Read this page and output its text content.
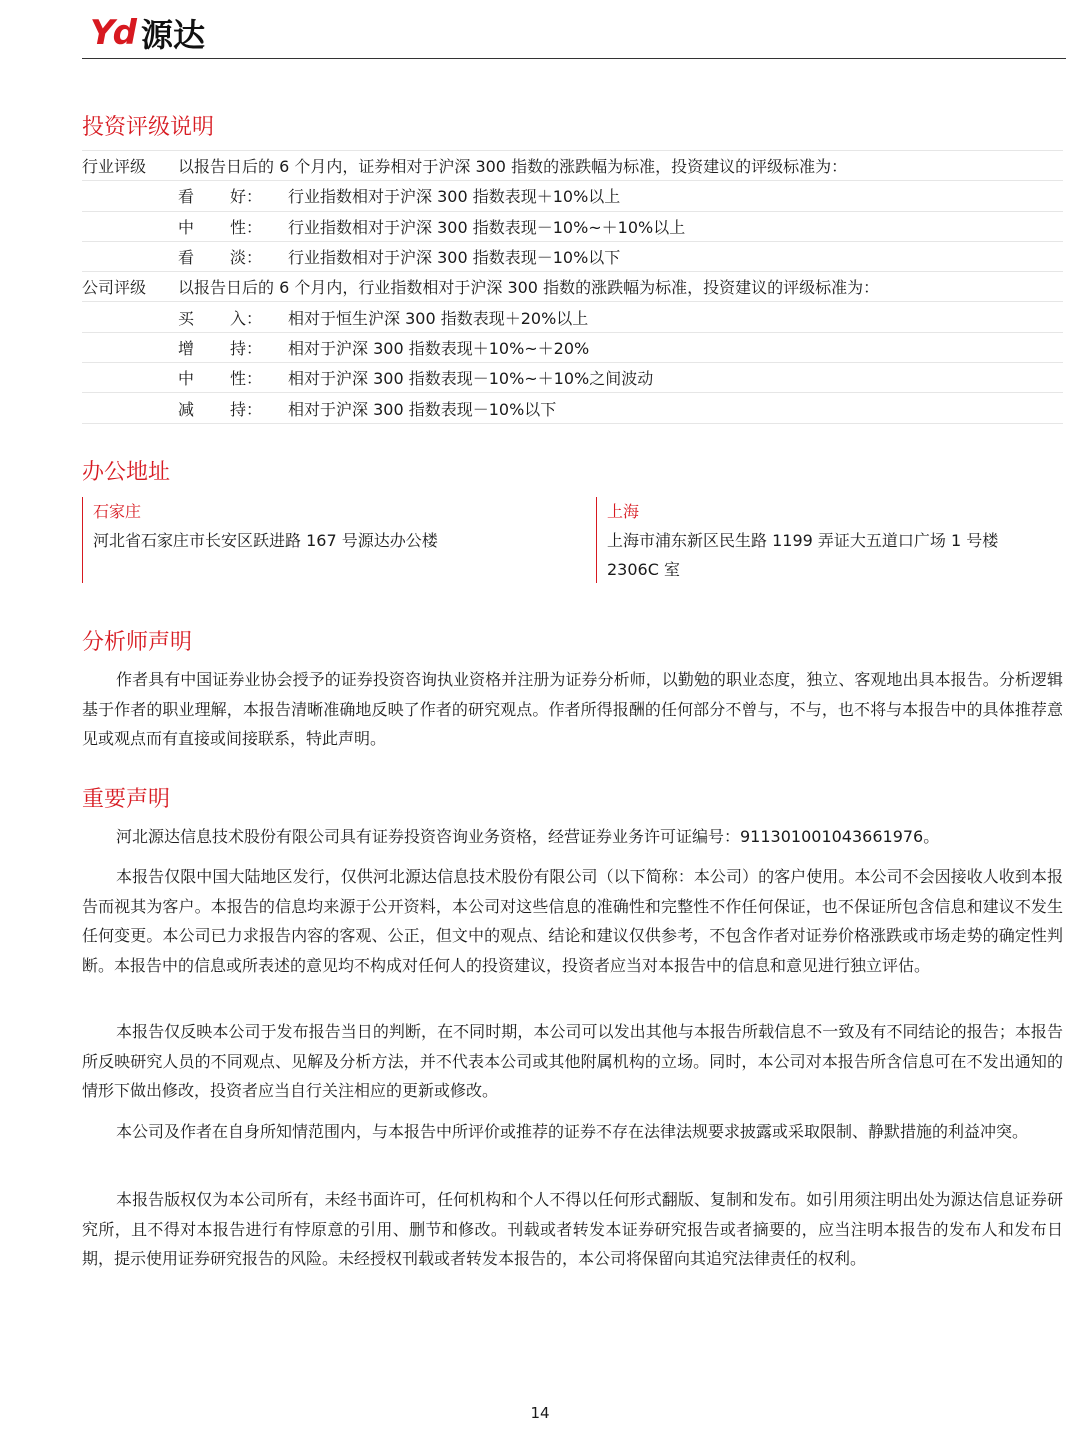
Yd 源达
投资评级说明
行业评级	以报告日后的 6 个月内，证券相对于沪深 300 指数的涨跌幅为标准，投资建议的评级标准为：
看	好： 行业指数相对于沪深 300 指数表现＋10%以上
中	性： 行业指数相对于沪深 300 指数表现－10%~＋10%以上
看	淡： 行业指数相对于沪深 300 指数表现－10%以下
公司评级	以报告日后的 6 个月内，行业指数相对于沪深 300 指数的涨跌幅为标准，投资建议的评级标准为：
买	入： 相对于恒生沪深 300 指数表现＋20%以上
增	持： 相对于沪深 300 指数表现＋10%~＋20%
中	性： 相对于沪深 300 指数表现－10%~＋10%之间波动
减	持： 相对于沪深 300 指数表现－10%以下
办公地址
石家庄
河北省石家庄市长安区跃进路 167 号源达办公楼
上海
上海市浦东新区民生路 1199 弄证大五道口广场 1 号楼
2306C 室
分析师声明
作者具有中国证券业协会授予的证券投资咨询执业资格并注册为证券分析师，以勤勉的职业态度，独立、客观地出具本报告。分析逻辑基于作者的职业理解，本报告清晰准确地反映了作者的研究观点。作者所得报酬的任何部分不曾与，不与，也不将与本报告中的具体推荐意见或观点而有直接或间接联系，特此声明。
重要声明
河北源达信息技术股份有限公司具有证券投资咨询业务资格，经营证券业务许可证编号：911301001043661976。
本报告仅限中国大陆地区发行，仅供河北源达信息技术股份有限公司（以下简称：本公司）的客户使用。本公司不会因接收人收到本报告而视其为客户。本报告的信息均来源于公开资料，本公司对这些信息的准确性和完整性不作任何保证，也不保证所包含信息和建议不发生任何变更。本公司已力求报告内容的客观、公正，但文中的观点、结论和建议仅供参考，不包含作者对证券价格涨跌或市场走势的确定性判断。本报告中的信息或所表述的意见均不构成对任何人的投资建议，投资者应当对本报告中的信息和意见进行独立评估。
本报告仅反映本公司于发布报告当日的判断，在不同时期，本公司可以发出其他与本报告所载信息不一致及有不同结论的报告；本报告所反映研究人员的不同观点、见解及分析方法，并不代表本公司或其他附属机构的立场。同时，本公司对本报告所含信息可在不发出通知的情形下做出修改，投资者应当自行关注相应的更新或修改。
本公司及作者在自身所知情范围内，与本报告中所评价或推荐的证券不存在法律法规要求披露或采取限制、静默措施的利益冲突。
本报告版权仅为本公司所有，未经书面许可，任何机构和个人不得以任何形式翻版、复制和发布。如引用须注明出处为源达信息证券研究所，且不得对本报告进行有悖原意的引用、删节和修改。刊载或者转发本证券研究报告或者摘要的，应当注明本报告的发布人和发布日期，提示使用证券研究报告的风险。未经授权刊载或者转发本报告的，本公司将保留向其追究法律责任的权利。
14
